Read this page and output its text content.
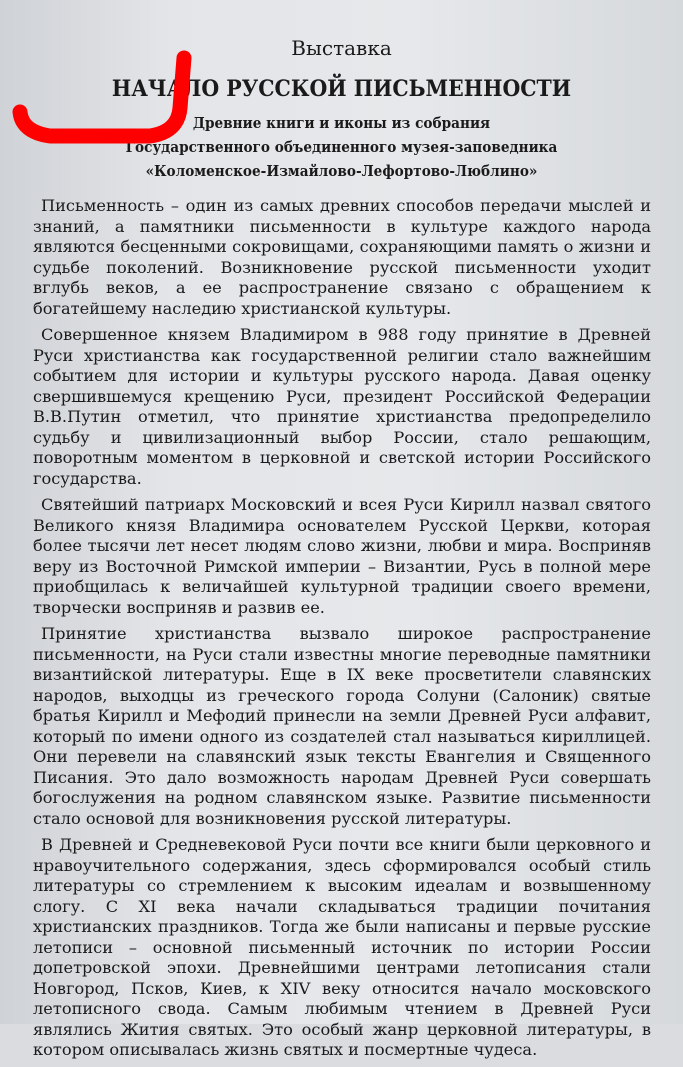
Выставка
НАЧАЛО РУССКОЙ ПИСЬМЕННОСТИ
Древние книги и иконы из собрания
Государственного объединенного музея-заповедника
«Коломенское-Измайлово-Лефортово-Люблино»

Письменность – один из самых древних способов передачи мыслей и знаний, а памятники письменности в культуре каждого народа являются бесценными сокровищами, сохраняющими память о жизни и судьбе поколений. Возникновение русской письменности уходит вглубь веков, а ее распространение связано с обращением к богатейшему наследию христианской культуры.

Совершенное князем Владимиром в 988 году принятие в Древней Руси христианства как государственной религии стало важнейшим событием для истории и культуры русского народа. Давая оценку свершившемуся крещению Руси, президент Российской Федерации В.В.Путин отметил, что принятие христианства предопределило судьбу и цивилизационный выбор России, стало решающим, поворотным моментом в церковной и светской истории Российского государства.

Святейший патриарх Московский и всея Руси Кирилл назвал святого Великого князя Владимира основателем Русской Церкви, которая более тысячи лет несет людям слово жизни, любви и мира. Восприняв веру из Восточной Римской империи – Византии, Русь в полной мере приобщилась к величайшей культурной традиции своего времени, творчески восприняв и развив ее.

Принятие христианства вызвало широкое распространение письменности, на Руси стали известны многие переводные памятники византийской литературы. Еще в IX веке просветители славянских народов, выходцы из греческого города Солуни (Салоник) святые братья Кирилл и Мефодий принесли на земли Древней Руси алфавит, который по имени одного из создателей стал называться кириллицей. Они перевели на славянский язык тексты Евангелия и Священного Писания. Это дало возможность народам Древней Руси совершать богослужения на родном славянском языке. Развитие письменности стало основой для возникновения русской литературы.

В Древней и Средневековой Руси почти все книги были церковного и нравоучительного содержания, здесь сформировался особый стиль литературы со стремлением к высоким идеалам и возвышенному слогу. С XI века начали складываться традиции почитания христианских праздников. Тогда же были написаны и первые русские летописи – основной письменный источник по истории России допетровской эпохи. Древнейшими центрами летописания стали Новгород, Псков, Киев, к XIV веку относится начало московского летописного свода. Самым любимым чтением в Древней Руси являлись Жития святых. Это особый жанр церковной литературы, в котором описывалась жизнь святых и посмертные чудеса.
